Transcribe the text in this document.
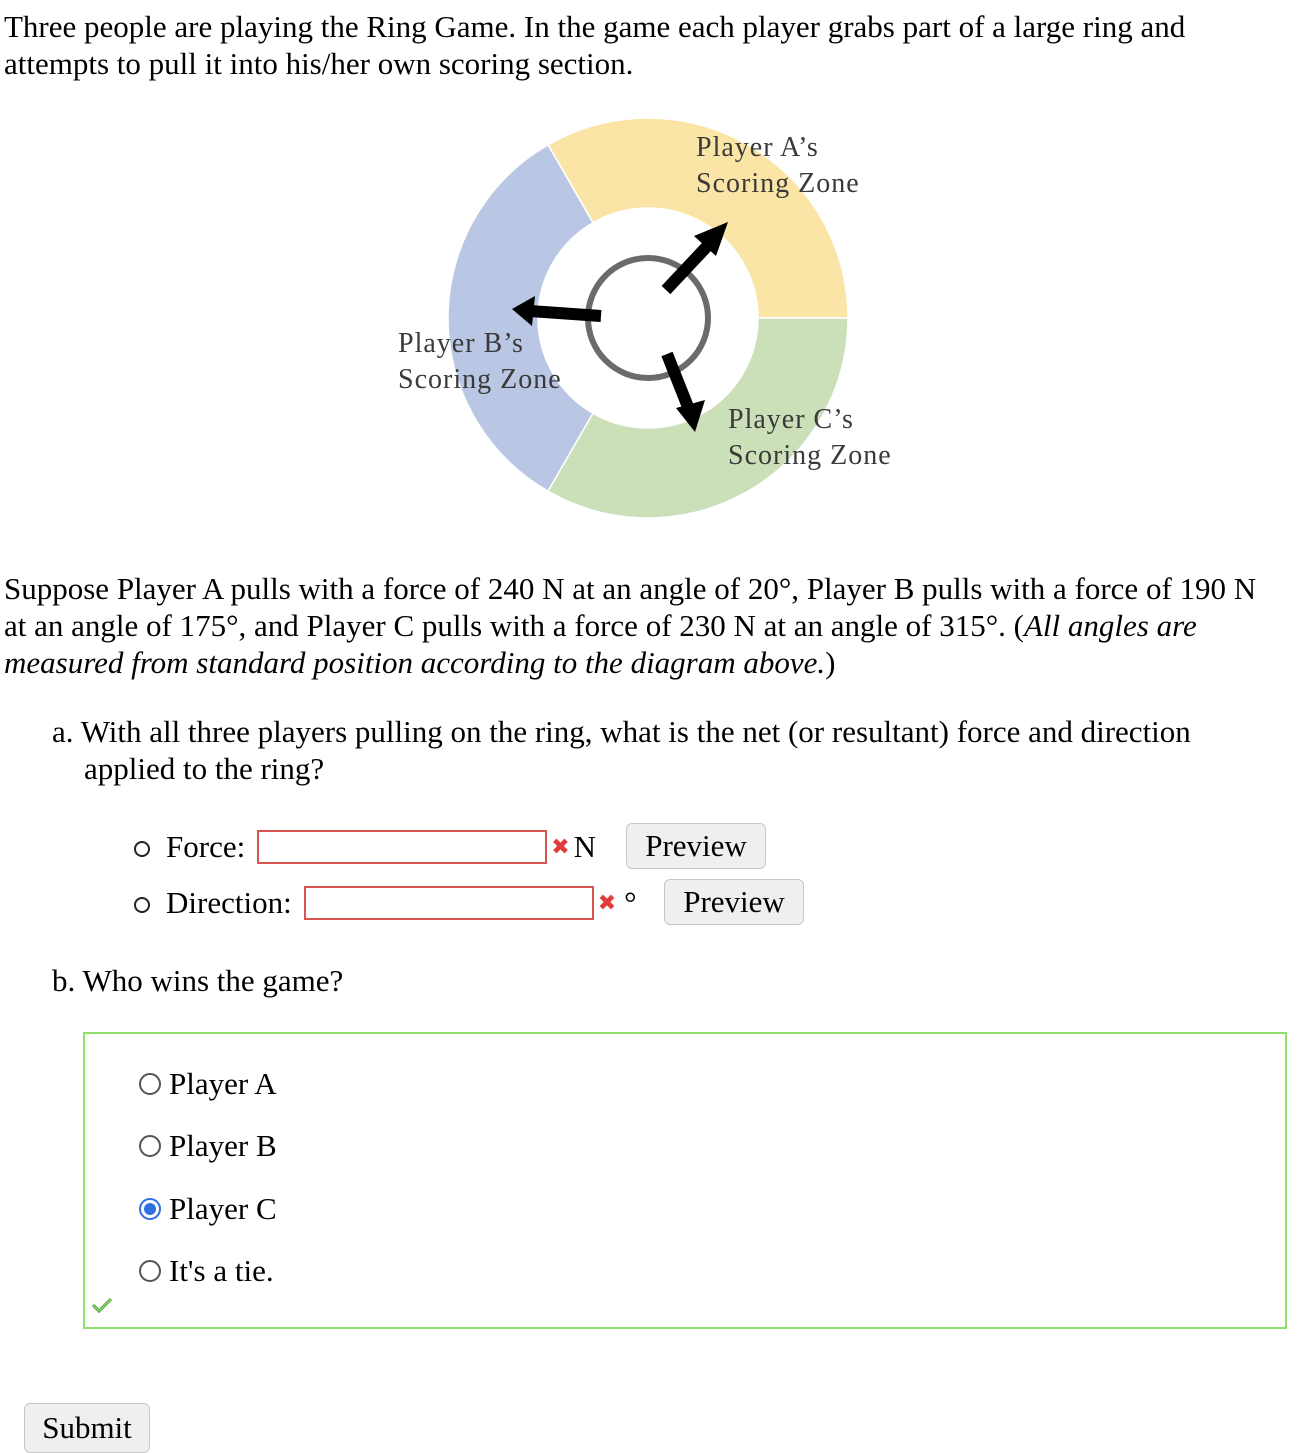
Three people are playing the Ring Game. In the game each player grabs part of a large ring and attempts to pull it into his/her own scoring section.

Player A’s
Scoring Zone
Player B’s
Scoring Zone
Player C’s
Scoring Zone

Suppose Player A pulls with a force of 240 N at an angle of 20°, Player B pulls with a force of 190 N at an angle of 175°, and Player C pulls with a force of 230 N at an angle of 315°. (All angles are measured from standard position according to the diagram above.)

a. With all three players pulling on the ring, what is the net (or resultant) force and direction applied to the ring?

Force:	✖ N	Preview
Direction:	✖ °	Preview

b. Who wins the game?

Player A
Player B
Player C
It's a tie.
Submit
